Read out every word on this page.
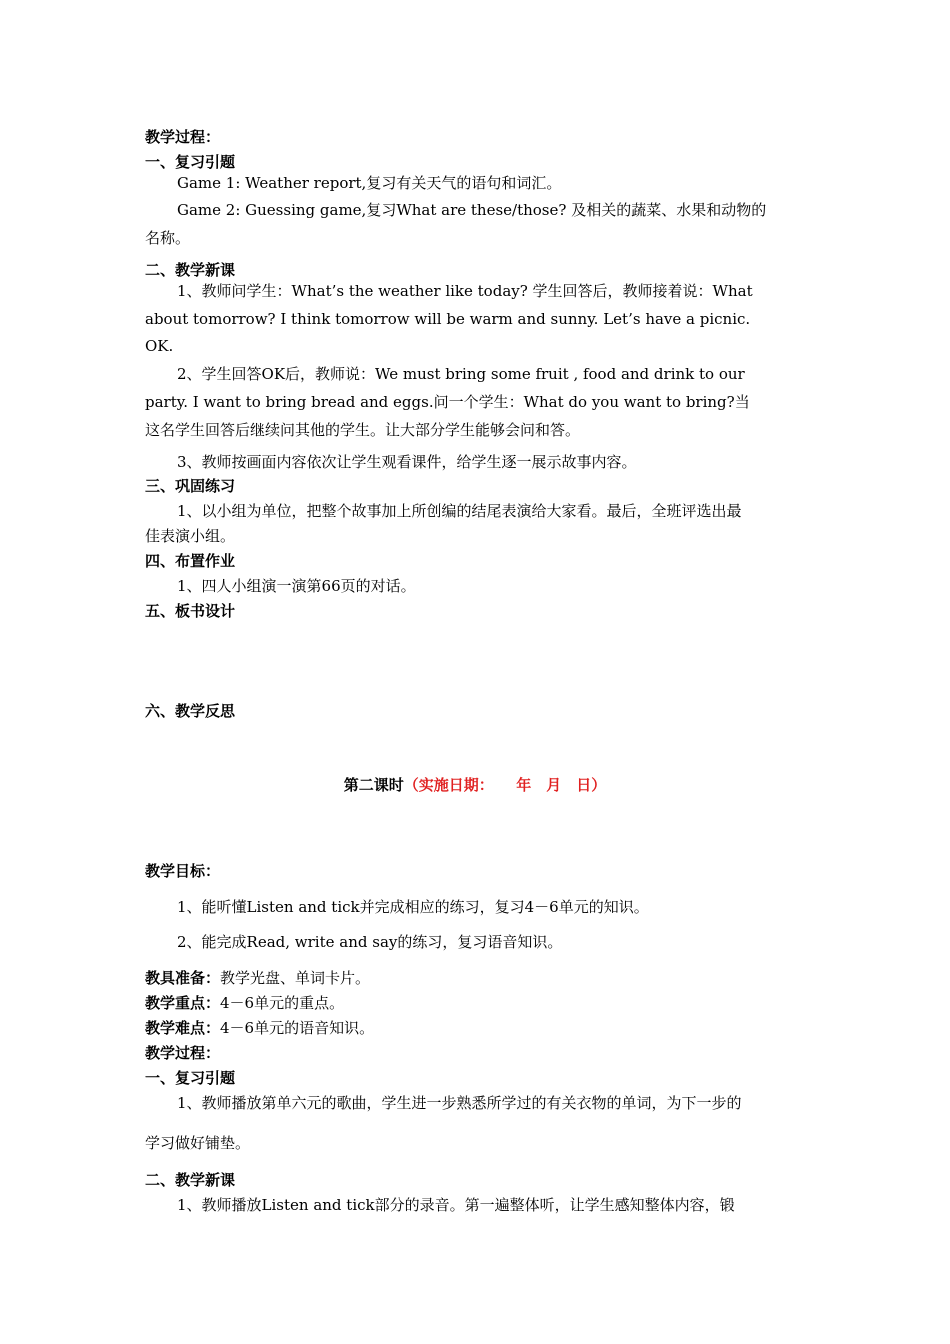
教学过程：
一、复习引题
Game 1: Weather report,复习有关天气的语句和词汇。
Game 2: Guessing game,复习What are these/those? 及相关的蔬菜、水果和动物的
名称。
二、教学新课
1、教师问学生：What’s the weather like today? 学生回答后，教师接着说：What
about tomorrow? I think tomorrow will be warm and sunny. Let’s have a picnic.
OK.
2、学生回答OK后，教师说：We must bring some fruit , food and drink to our
party. I want to bring bread and eggs.问一个学生：What do you want to bring?当
这名学生回答后继续问其他的学生。让大部分学生能够会问和答。
3、教师按画面内容依次让学生观看课件，给学生逐一展示故事内容。
三、巩固练习
1、以小组为单位，把整个故事加上所创编的结尾表演给大家看。最后，全班评选出最
佳表演小组。
四、布置作业
1、四人小组演一演第66页的对话。
五、板书设计
六、教学反思
第二课时（实施日期：　　年　月　日）
教学目标：
1、能听懂Listen and tick并完成相应的练习，复习4－6单元的知识。
2、能完成Read, write and say的练习，复习语音知识。
教具准备：教学光盘、单词卡片。
教学重点：4－6单元的重点。
教学难点：4－6单元的语音知识。
教学过程：
一、复习引题
1、教师播放第单六元的歌曲，学生进一步熟悉所学过的有关衣物的单词，为下一步的
学习做好铺垫。
二、教学新课
1、教师播放Listen and tick部分的录音。第一遍整体听，让学生感知整体内容，锻
